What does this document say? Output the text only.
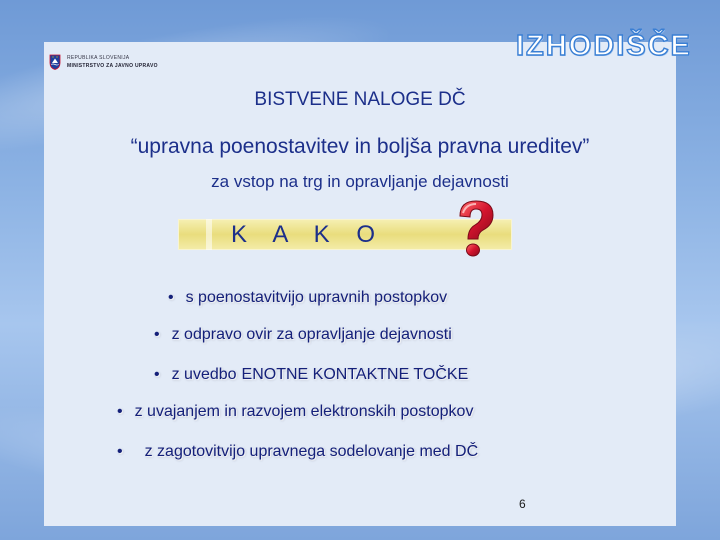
REPUBLIKA SLOVENIJA
MINISTRSTVO ZA JAVNO UPRAVO
IZHODIŠČE
BISTVENE NALOGE DČ
“upravna poenostavitev in boljša pravna ureditev”
za vstop na trg in opravljanje dejavnosti
K A K O
• s poenostavitvijo upravnih postopkov
• z odpravo ovir za opravljanje dejavnosti
• z uvedbo ENOTNE KONTAKTNE TOČKE
• z uvajanjem in razvojem elektronskih postopkov
• z zagotovitvijo upravnega sodelovanje med DČ
6
